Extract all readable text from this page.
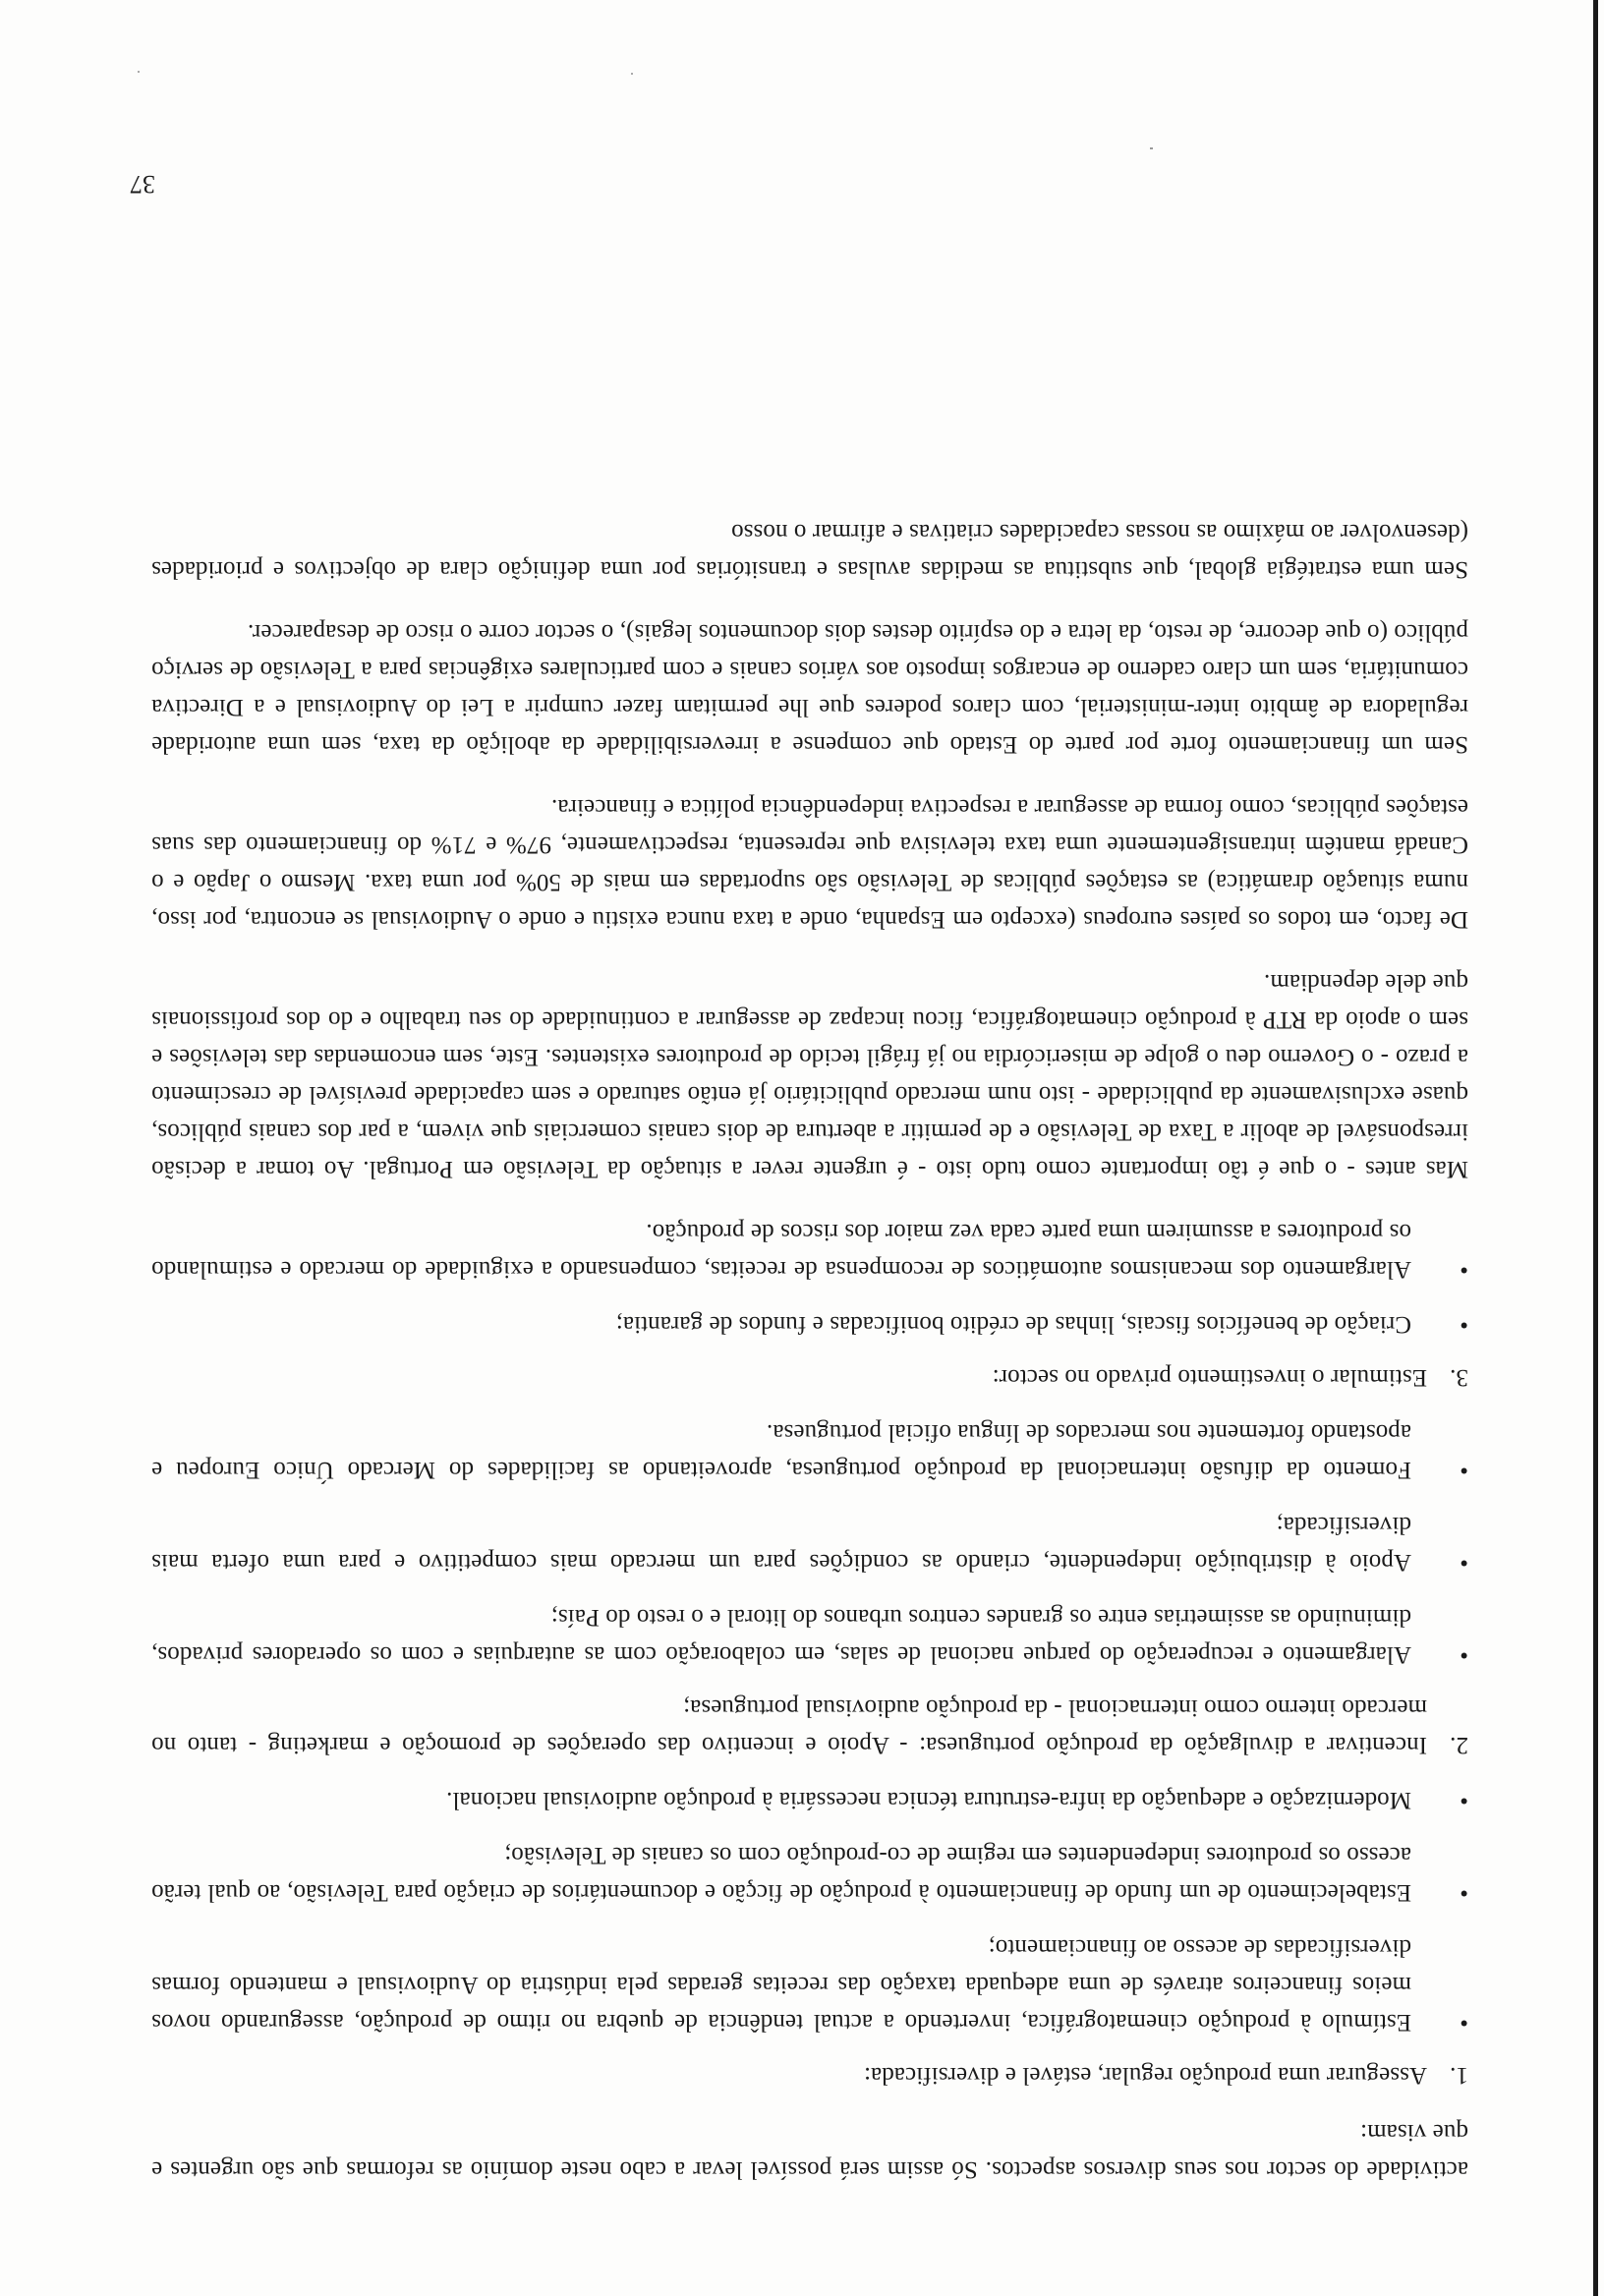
actividade do sector nos seus diversos aspectos. Só assim será possível levar a cabo neste domínio as reformas que são urgentes e que visam:

1.
Assegurar uma produção regular, estável e diversificada:
•
Estímulo à produção cinematográfica, invertendo a actual tendência de quebra no ritmo de produção, assegurando novos meios financeiros através de uma adequada taxação das receitas geradas pela indústria do Audiovisual e mantendo formas diversificadas de acesso ao financiamento;
•
Estabelecimento de um fundo de financiamento à produção de ficção e documentários de criação para Televisão, ao qual terão acesso os produtores independentes em regime de co-produção com os canais de Televisão;
•
Modernização e adequação da infra-estrutura técnica necessária à produção audiovisual nacional.
2.
Incentivar a divulgação da produção portuguesa: - Apoio e incentivo das operações de promoção e marketing - tanto no mercado interno como internacional - da produção audiovisual portuguesa;
•
Alargamento e recuperação do parque nacional de salas, em colaboração com as autarquias e com os operadores privados, diminuindo as assimetrias entre os grandes centros urbanos do litoral e o resto do País;
•
Apoio à distribuição independente, criando as condições para um mercado mais competitivo e para uma oferta mais diversificada;
•
Fomento da difusão internacional da produção portuguesa, aproveitando as facilidades do Mercado Único Europeu e apostando fortemente nos mercados de língua oficial portuguesa.
3.
Estimular o investimento privado no sector:
•
Criação de benefícios fiscais, linhas de crédito bonificadas e fundos de garantia;
•
Alargamento dos mecanismos automáticos de recompensa de receitas, compensando a exiguidade do mercado e estimulando os produtores a assumirem uma parte cada vez maior dos riscos de produção.

Mas antes - o que é tão importante como tudo isto - é urgente rever a situação da Televisão em Portugal. Ao tomar a decisão irresponsável de abolir a Taxa de Televisão e de permitir a abertura de dois canais comerciais que vivem, a par dos canais públicos, quase exclusivamente da publicidade - isto num mercado publicitário já então saturado e sem capacidade previsível de crescimento a prazo - o Governo deu o golpe de misericórdia no já frágil tecido de produtores existentes. Este, sem encomendas das televisões e sem o apoio da RTP à produção cinematográfica, ficou incapaz de assegurar a continuidade do seu trabalho e do dos profissionais que dele dependiam.

De facto, em todos os países europeus (excepto em Espanha, onde a taxa nunca existiu e onde o Audiovisual se encontra, por isso, numa situação dramática) as estações públicas de Televisão são suportadas em mais de 50% por uma taxa. Mesmo o Japão e o Canadá mantêm intransigentemente uma taxa televisiva que representa, respectivamente, 97% e 71% do financiamento das suas estações públicas, como forma de assegurar a respectiva independência política e financeira.

Sem um financiamento forte por parte do Estado que compense a irreversibilidade da abolição da taxa, sem uma autoridade reguladora de âmbito inter-ministerial, com claros poderes que lhe permitam fazer cumprir a Lei do Audiovisual e a Directiva comunitária, sem um claro caderno de encargos imposto aos vários canais e com particulares exigências para a Televisão de serviço público (o que decorre, de resto, da letra e do espírito destes dois documentos legais), o sector corre o risco de desaparecer.

Sem uma estratégia global, que substitua as medidas avulsas e transitórias por uma definição clara de objectivos e prioridades (desenvolver ao máximo as nossas capacidades criativas e afirmar o nosso

37
